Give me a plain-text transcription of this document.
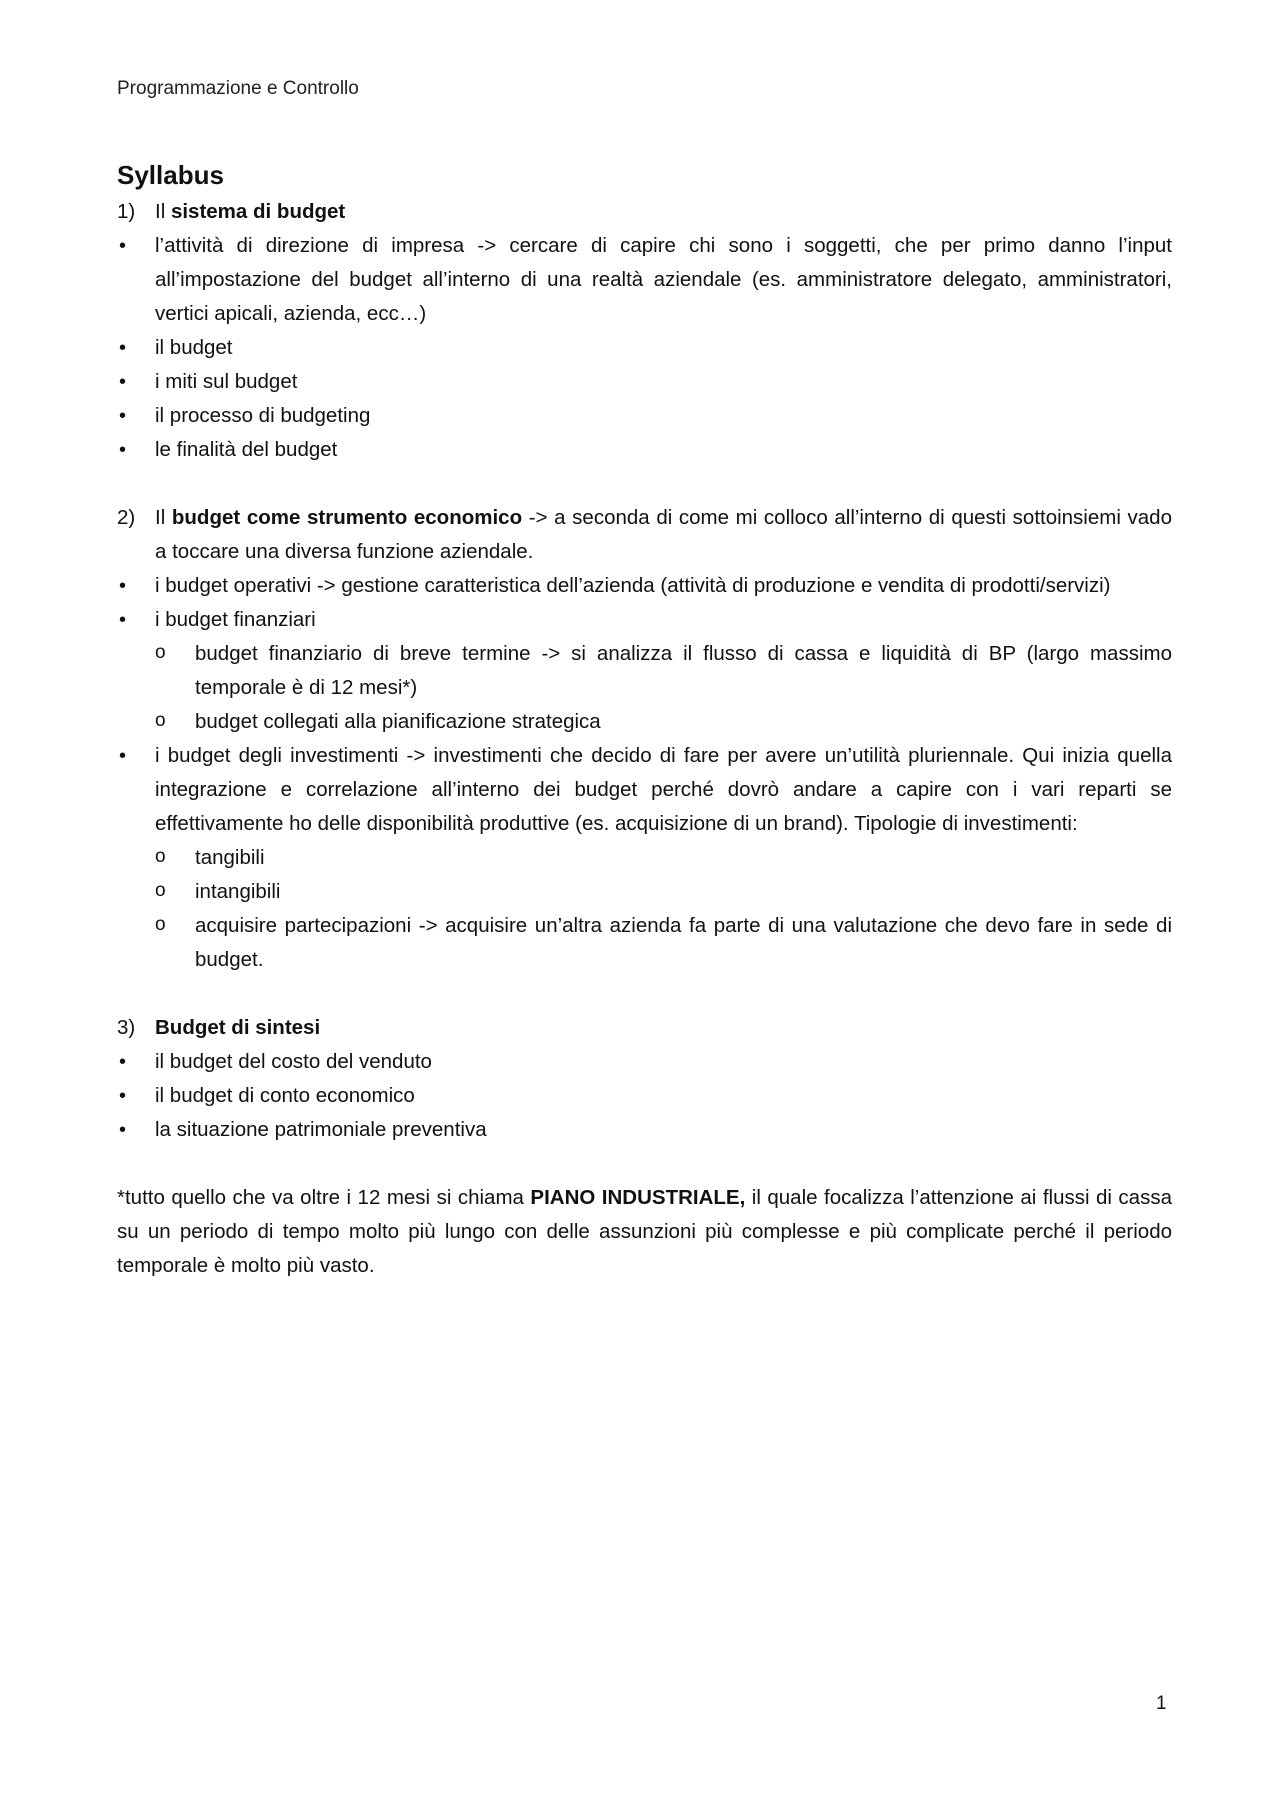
Programmazione e Controllo
Syllabus
1) Il sistema di budget
• l’attività di direzione di impresa -> cercare di capire chi sono i soggetti, che per primo danno l’input all’impostazione del budget all’interno di una realtà aziendale (es. amministratore delegato, amministratori, vertici apicali, azienda, ecc…)
• il budget
• i miti sul budget
• il processo di budgeting
• le finalità del budget
2) Il budget come strumento economico -> a seconda di come mi colloco all’interno di questi sottoinsiemi vado a toccare una diversa funzione aziendale.
• i budget operativi -> gestione caratteristica dell’azienda (attività di produzione e vendita di prodotti/servizi)
• i budget finanziari
o budget finanziario di breve termine -> si analizza il flusso di cassa e liquidità di BP (largo massimo temporale è di 12 mesi*)
o budget collegati alla pianificazione strategica
• i budget degli investimenti -> investimenti che decido di fare per avere un’utilità pluriennale. Qui inizia quella integrazione e correlazione all’interno dei budget perché dovrò andare a capire con i vari reparti se effettivamente ho delle disponibilità produttive (es. acquisizione di un brand). Tipologie di investimenti:
o tangibili
o intangibili
o acquisire partecipazioni -> acquisire un’altra azienda fa parte di una valutazione che devo fare in sede di budget.
3) Budget di sintesi
• il budget del costo del venduto
• il budget di conto economico
• la situazione patrimoniale preventiva
*tutto quello che va oltre i 12 mesi si chiama PIANO INDUSTRIALE, il quale focalizza l’attenzione ai flussi di cassa su un periodo di tempo molto più lungo con delle assunzioni più complesse e più complicate perché il periodo temporale è molto più vasto.
1
